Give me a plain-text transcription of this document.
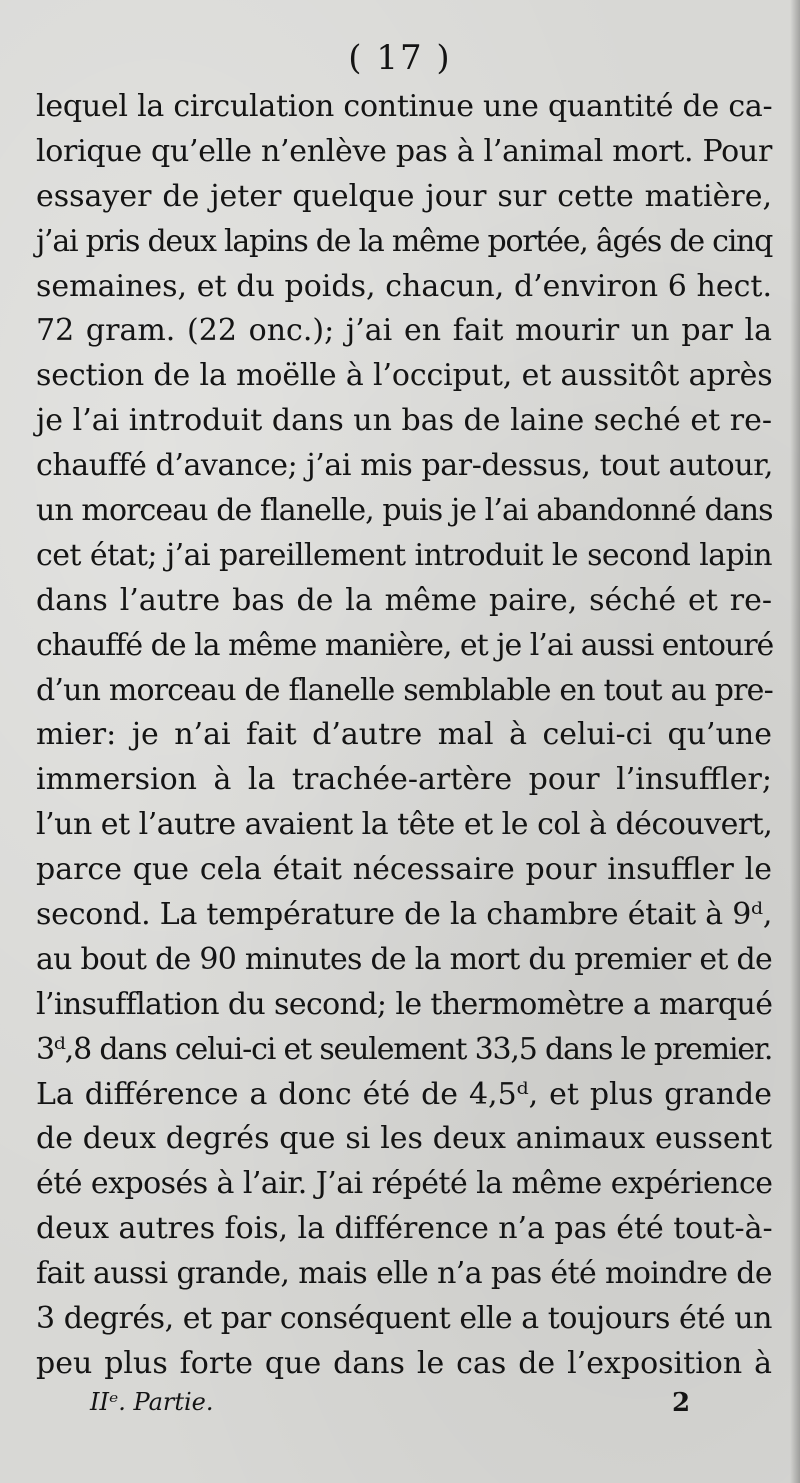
( 17 )
lequel la circulation continue une quantité de ca-
lorique qu’elle n’enlève pas à l’animal mort. Pour
essayer de jeter quelque jour sur cette matière,
j’ai pris deux lapins de la même portée, âgés de cinq
semaines, et du poids, chacun, d’environ 6 hect.
72 gram. (22 onc.); j’ai en fait mourir un par la
section de la moëlle à l’occiput, et aussitôt après
je l’ai introduit dans un bas de laine seché et re-
chauffé d’avance; j’ai mis par-dessus, tout autour,
un morceau de flanelle, puis je l’ai abandonné dans
cet état; j’ai pareillement introduit le second lapin
dans l’autre bas de la même paire, séché et re-
chauffé de la même manière, et je l’ai aussi entouré
d’un morceau de flanelle semblable en tout au pre-
mier: je n’ai fait d’autre mal à celui-ci qu’une
immersion à la trachée-artère pour l’insuffler;
l’un et l’autre avaient la tête et le col à découvert,
parce que cela était nécessaire pour insuffler le
second. La température de la chambre était à 9ᵈ,
au bout de 90 minutes de la mort du premier et de
l’insufflation du second; le thermomètre a marqué
3ᵈ,8 dans celui-ci et seulement 33,5 dans le premier.
La différence a donc été de 4,5ᵈ, et plus grande
de deux degrés que si les deux animaux eussent
été exposés à l’air. J’ai répété la même expérience
deux autres fois, la différence n’a pas été tout-à-
fait aussi grande, mais elle n’a pas été moindre de
3 degrés, et par conséquent elle a toujours été un
peu plus forte que dans le cas de l’exposition à
IIᵉ. Partie.	2
